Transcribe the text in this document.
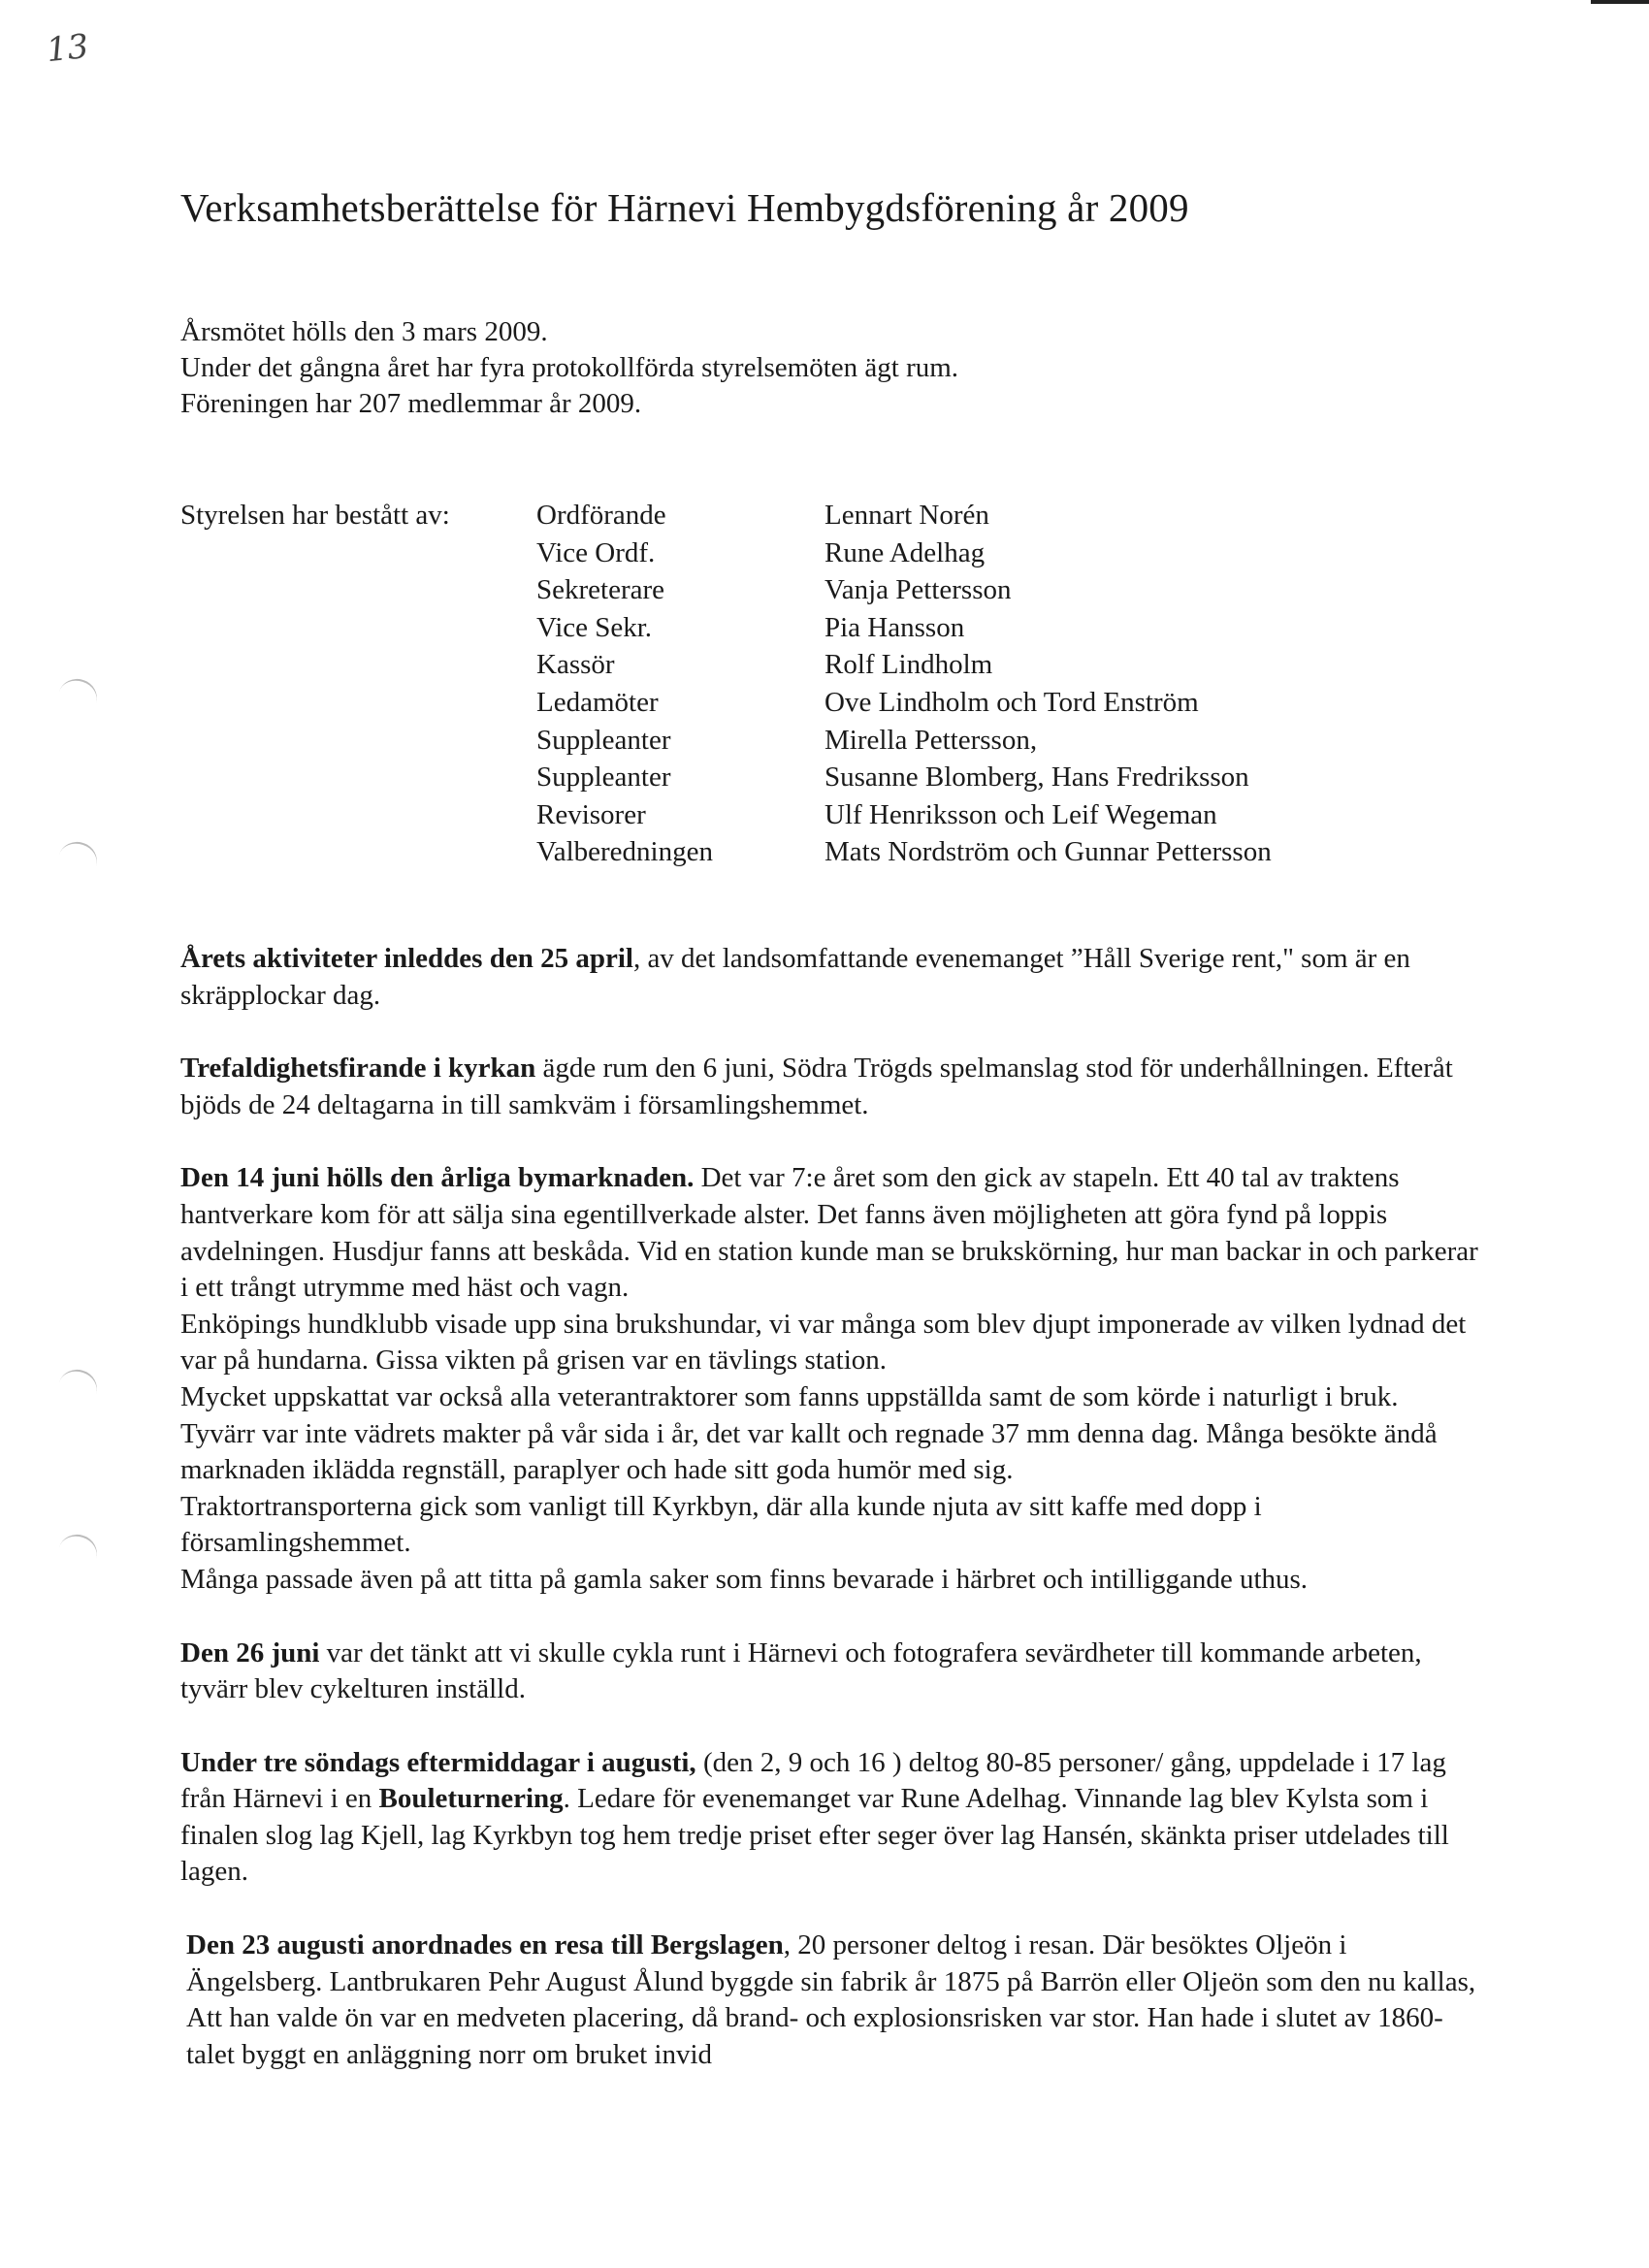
13
Verksamhetsberättelse för Härnevi Hembygdsförening år 2009

Årsmötet hölls den 3 mars 2009.

Under det gångna året har fyra protokollförda styrelsemöten ägt rum.

Föreningen har 207 medlemmar år 2009.

Styrelsen har bestått av:	Ordförande
Vice Ordf.
Sekreterare
Vice Sekr.
Kassör
Ledamöter
Suppleanter
Suppleanter
Revisorer
Valberedningen
Lennart Norén
Rune Adelhag
Vanja Pettersson
Pia Hansson
Rolf Lindholm
Ove Lindholm och Tord Enström
Mirella Pettersson,
Susanne Blomberg, Hans Fredriksson
Ulf Henriksson och Leif Wegeman
Mats Nordström och Gunnar Pettersson

Årets aktiviteter inleddes den 25 april, av det landsomfattande evenemanget ”Håll Sverige rent," som är en skräpplockar dag.

Trefaldighetsfirande i kyrkan ägde rum den 6 juni, Södra Trögds spelmanslag stod för underhållningen. Efteråt bjöds de 24 deltagarna in till samkväm i församlingshemmet.

Den 14 juni hölls den årliga bymarknaden. Det var 7:e året som den gick av stapeln. Ett 40 tal av traktens hantverkare kom för att sälja sina egentillverkade alster. Det fanns även möjligheten att göra fynd på loppis avdelningen. Husdjur fanns att beskåda. Vid en station kunde man se brukskörning, hur man backar in och parkerar i ett trångt utrymme med häst och vagn.
Enköpings hundklubb visade upp sina brukshundar, vi var många som blev djupt imponerade av vilken lydnad det var på hundarna. Gissa vikten på grisen var en tävlings station.
Mycket uppskattat var också alla veterantraktorer som fanns uppställda samt de som körde i naturligt i bruk.
Tyvärr var inte vädrets makter på vår sida i år, det var kallt och regnade 37 mm denna dag. Många besökte ändå marknaden iklädda regnställ, paraplyer och hade sitt goda humör med sig.
Traktortransporterna gick som vanligt till Kyrkbyn, där alla kunde njuta av sitt kaffe med dopp i församlingshemmet.
Många passade även på att titta på gamla saker som finns bevarade i härbret och intilliggande uthus.

Den 26 juni var det tänkt att vi skulle cykla runt i Härnevi och fotografera sevärdheter till kommande arbeten, tyvärr blev cykelturen inställd.

Under tre söndags eftermiddagar i augusti, (den 2, 9 och 16 ) deltog 80-85 personer/ gång, uppdelade i 17 lag från Härnevi i en Bouleturnering. Ledare för evenemanget var Rune Adelhag. Vinnande lag blev Kylsta som i finalen slog lag Kjell, lag Kyrkbyn tog hem tredje priset efter seger över lag Hansén, skänkta priser utdelades till lagen.

Den 23 augusti anordnades en resa till Bergslagen, 20 personer deltog i resan. Där besöktes Oljeön i Ängelsberg. Lantbrukaren Pehr August Ålund byggde sin fabrik år 1875 på Barrön eller Oljeön som den nu kallas, Att han valde ön var en medveten placering, då brand- och explosionsrisken var stor. Han hade i slutet av 1860-talet byggt en anläggning norr om bruket invid
